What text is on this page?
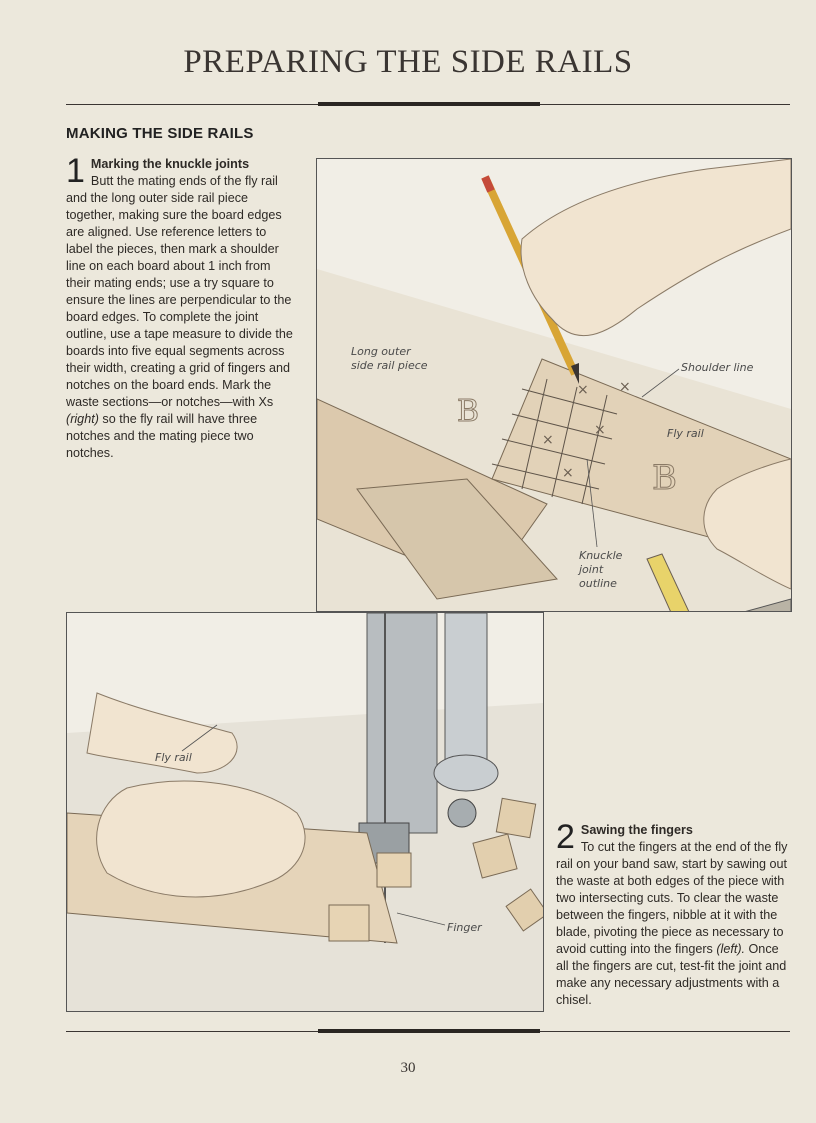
PREPARING THE SIDE RAILS
MAKING THE SIDE RAILS
1 Marking the knuckle joints
Butt the mating ends of the fly rail and the long outer side rail piece together, making sure the board edges are aligned. Use reference letters to label the pieces, then mark a shoulder line on each board about 1 inch from their mating ends; use a try square to ensure the lines are perpendicular to the board edges. To complete the joint outline, use a tape measure to divide the boards into five equal segments across their width, creating a grid of fingers and notches on the board ends. Mark the waste sections—or notches—with Xs (right) so the fly rail will have three notches and the mating piece two notches.
× ×
×
×
×
B
B
Long outer
side rail piece	Shoulder line
Fly rail
Knuckle
joint
outline
Fly rail
Finger
2 Sawing the fingers
To cut the fingers at the end of the fly rail on your band saw, start by sawing out the waste at both edges of the piece with two intersecting cuts. To clear the waste between the fingers, nibble at it with the blade, pivoting the piece as necessary to avoid cutting into the fingers (left). Once all the fingers are cut, test-fit the joint and make any necessary adjustments with a chisel.
30
